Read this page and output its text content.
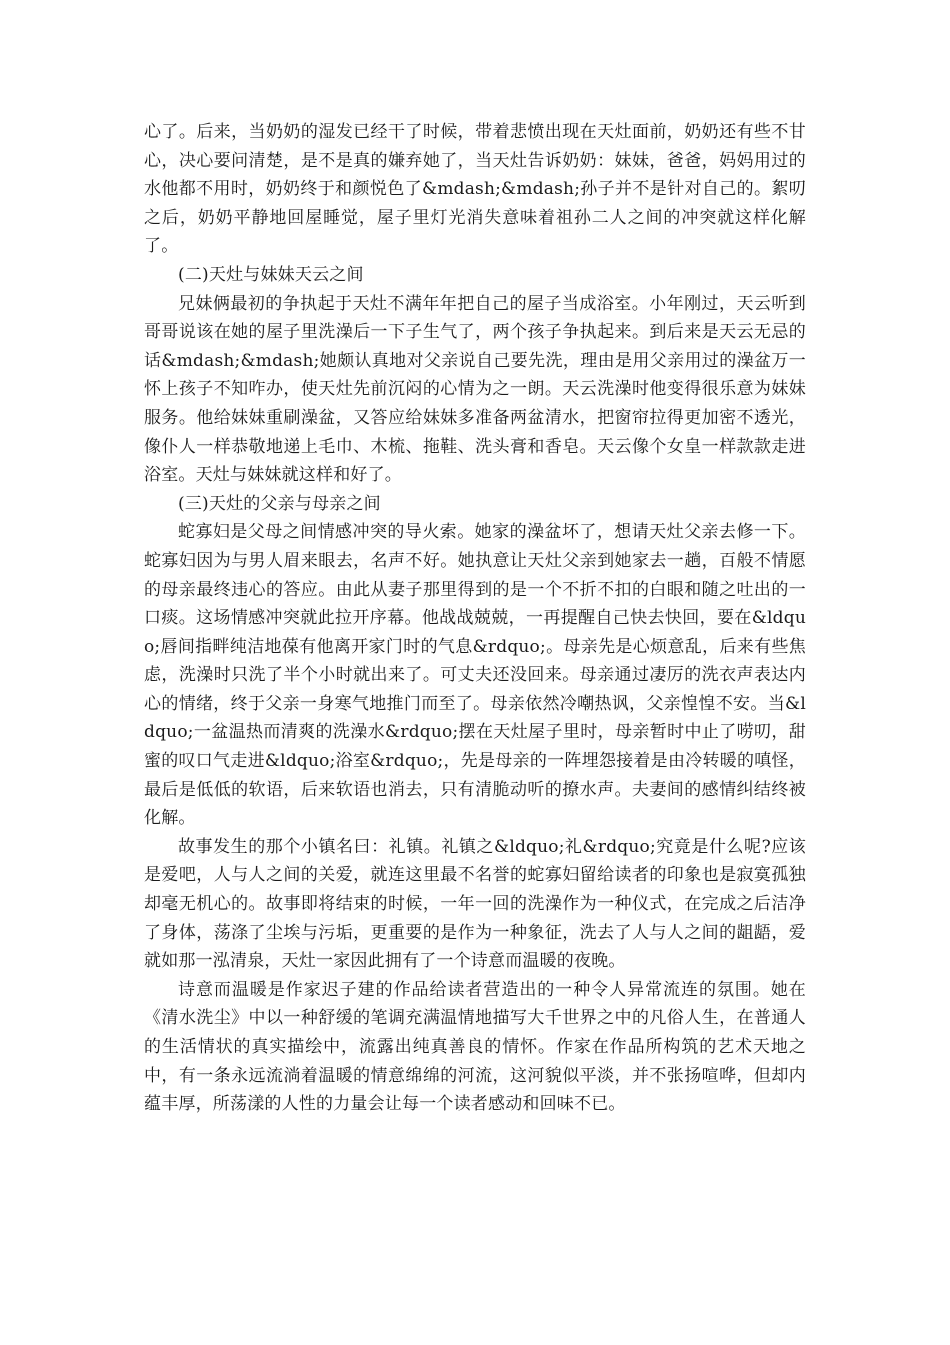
心了。后来，当奶奶的湿发已经干了时候，带着悲愤出现在天灶面前，奶奶还有些不甘心，决心要问清楚，是不是真的嫌弃她了，当天灶告诉奶奶：妹妹，爸爸，妈妈用过的水他都不用时，奶奶终于和颜悦色了&mdash;&mdash;孙子并不是针对自己的。絮叨之后，奶奶平静地回屋睡觉，屋子里灯光消失意味着祖孙二人之间的冲突就这样化解了。

(二)天灶与妹妹天云之间

兄妹俩最初的争执起于天灶不满年年把自己的屋子当成浴室。小年刚过，天云听到哥哥说该在她的屋子里洗澡后一下子生气了，两个孩子争执起来。到后来是天云无忌的话&mdash;&mdash;她颇认真地对父亲说自己要先洗，理由是用父亲用过的澡盆万一怀上孩子不知咋办，使天灶先前沉闷的心情为之一朗。天云洗澡时他变得很乐意为妹妹服务。他给妹妹重刷澡盆，又答应给妹妹多准备两盆清水，把窗帘拉得更加密不透光，像仆人一样恭敬地递上毛巾、木梳、拖鞋、洗头膏和香皂。天云像个女皇一样款款走进浴室。天灶与妹妹就这样和好了。

(三)天灶的父亲与母亲之间

蛇寡妇是父母之间情感冲突的导火索。她家的澡盆坏了，想请天灶父亲去修一下。蛇寡妇因为与男人眉来眼去，名声不好。她执意让天灶父亲到她家去一趟，百般不情愿的母亲最终违心的答应。由此从妻子那里得到的是一个不折不扣的白眼和随之吐出的一口痰。这场情感冲突就此拉开序幕。他战战兢兢，一再提醒自己快去快回，要在&ldquo;唇间指畔纯洁地葆有他离开家门时的气息&rdquo;。母亲先是心烦意乱，后来有些焦虑，洗澡时只洗了半个小时就出来了。可丈夫还没回来。母亲通过凄厉的洗衣声表达内心的情绪，终于父亲一身寒气地推门而至了。母亲依然冷嘲热讽，父亲惶惶不安。当&ldquo;一盆温热而清爽的洗澡水&rdquo;摆在天灶屋子里时，母亲暂时中止了唠叨，甜蜜的叹口气走进&ldquo;浴室&rdquo;，先是母亲的一阵埋怨接着是由冷转暖的嗔怪，最后是低低的软语，后来软语也消去，只有清脆动听的撩水声。夫妻间的感情纠结终被化解。

故事发生的那个小镇名曰：礼镇。礼镇之&ldquo;礼&rdquo;究竟是什么呢?应该是爱吧，人与人之间的关爱，就连这里最不名誉的蛇寡妇留给读者的印象也是寂寞孤独却毫无机心的。故事即将结束的时候，一年一回的洗澡作为一种仪式，在完成之后洁净了身体，荡涤了尘埃与污垢，更重要的是作为一种象征，洗去了人与人之间的龃龉，爱就如那一泓清泉，天灶一家因此拥有了一个诗意而温暖的夜晚。

诗意而温暖是作家迟子建的作品给读者营造出的一种令人异常流连的氛围。她在《清水洗尘》中以一种舒缓的笔调充满温情地描写大千世界之中的凡俗人生，在普通人的生活情状的真实描绘中，流露出纯真善良的情怀。作家在作品所构筑的艺术天地之中，有一条永远流淌着温暖的情意绵绵的河流，这河貌似平淡，并不张扬喧哗，但却内蕴丰厚，所荡漾的人性的力量会让每一个读者感动和回味不已。
